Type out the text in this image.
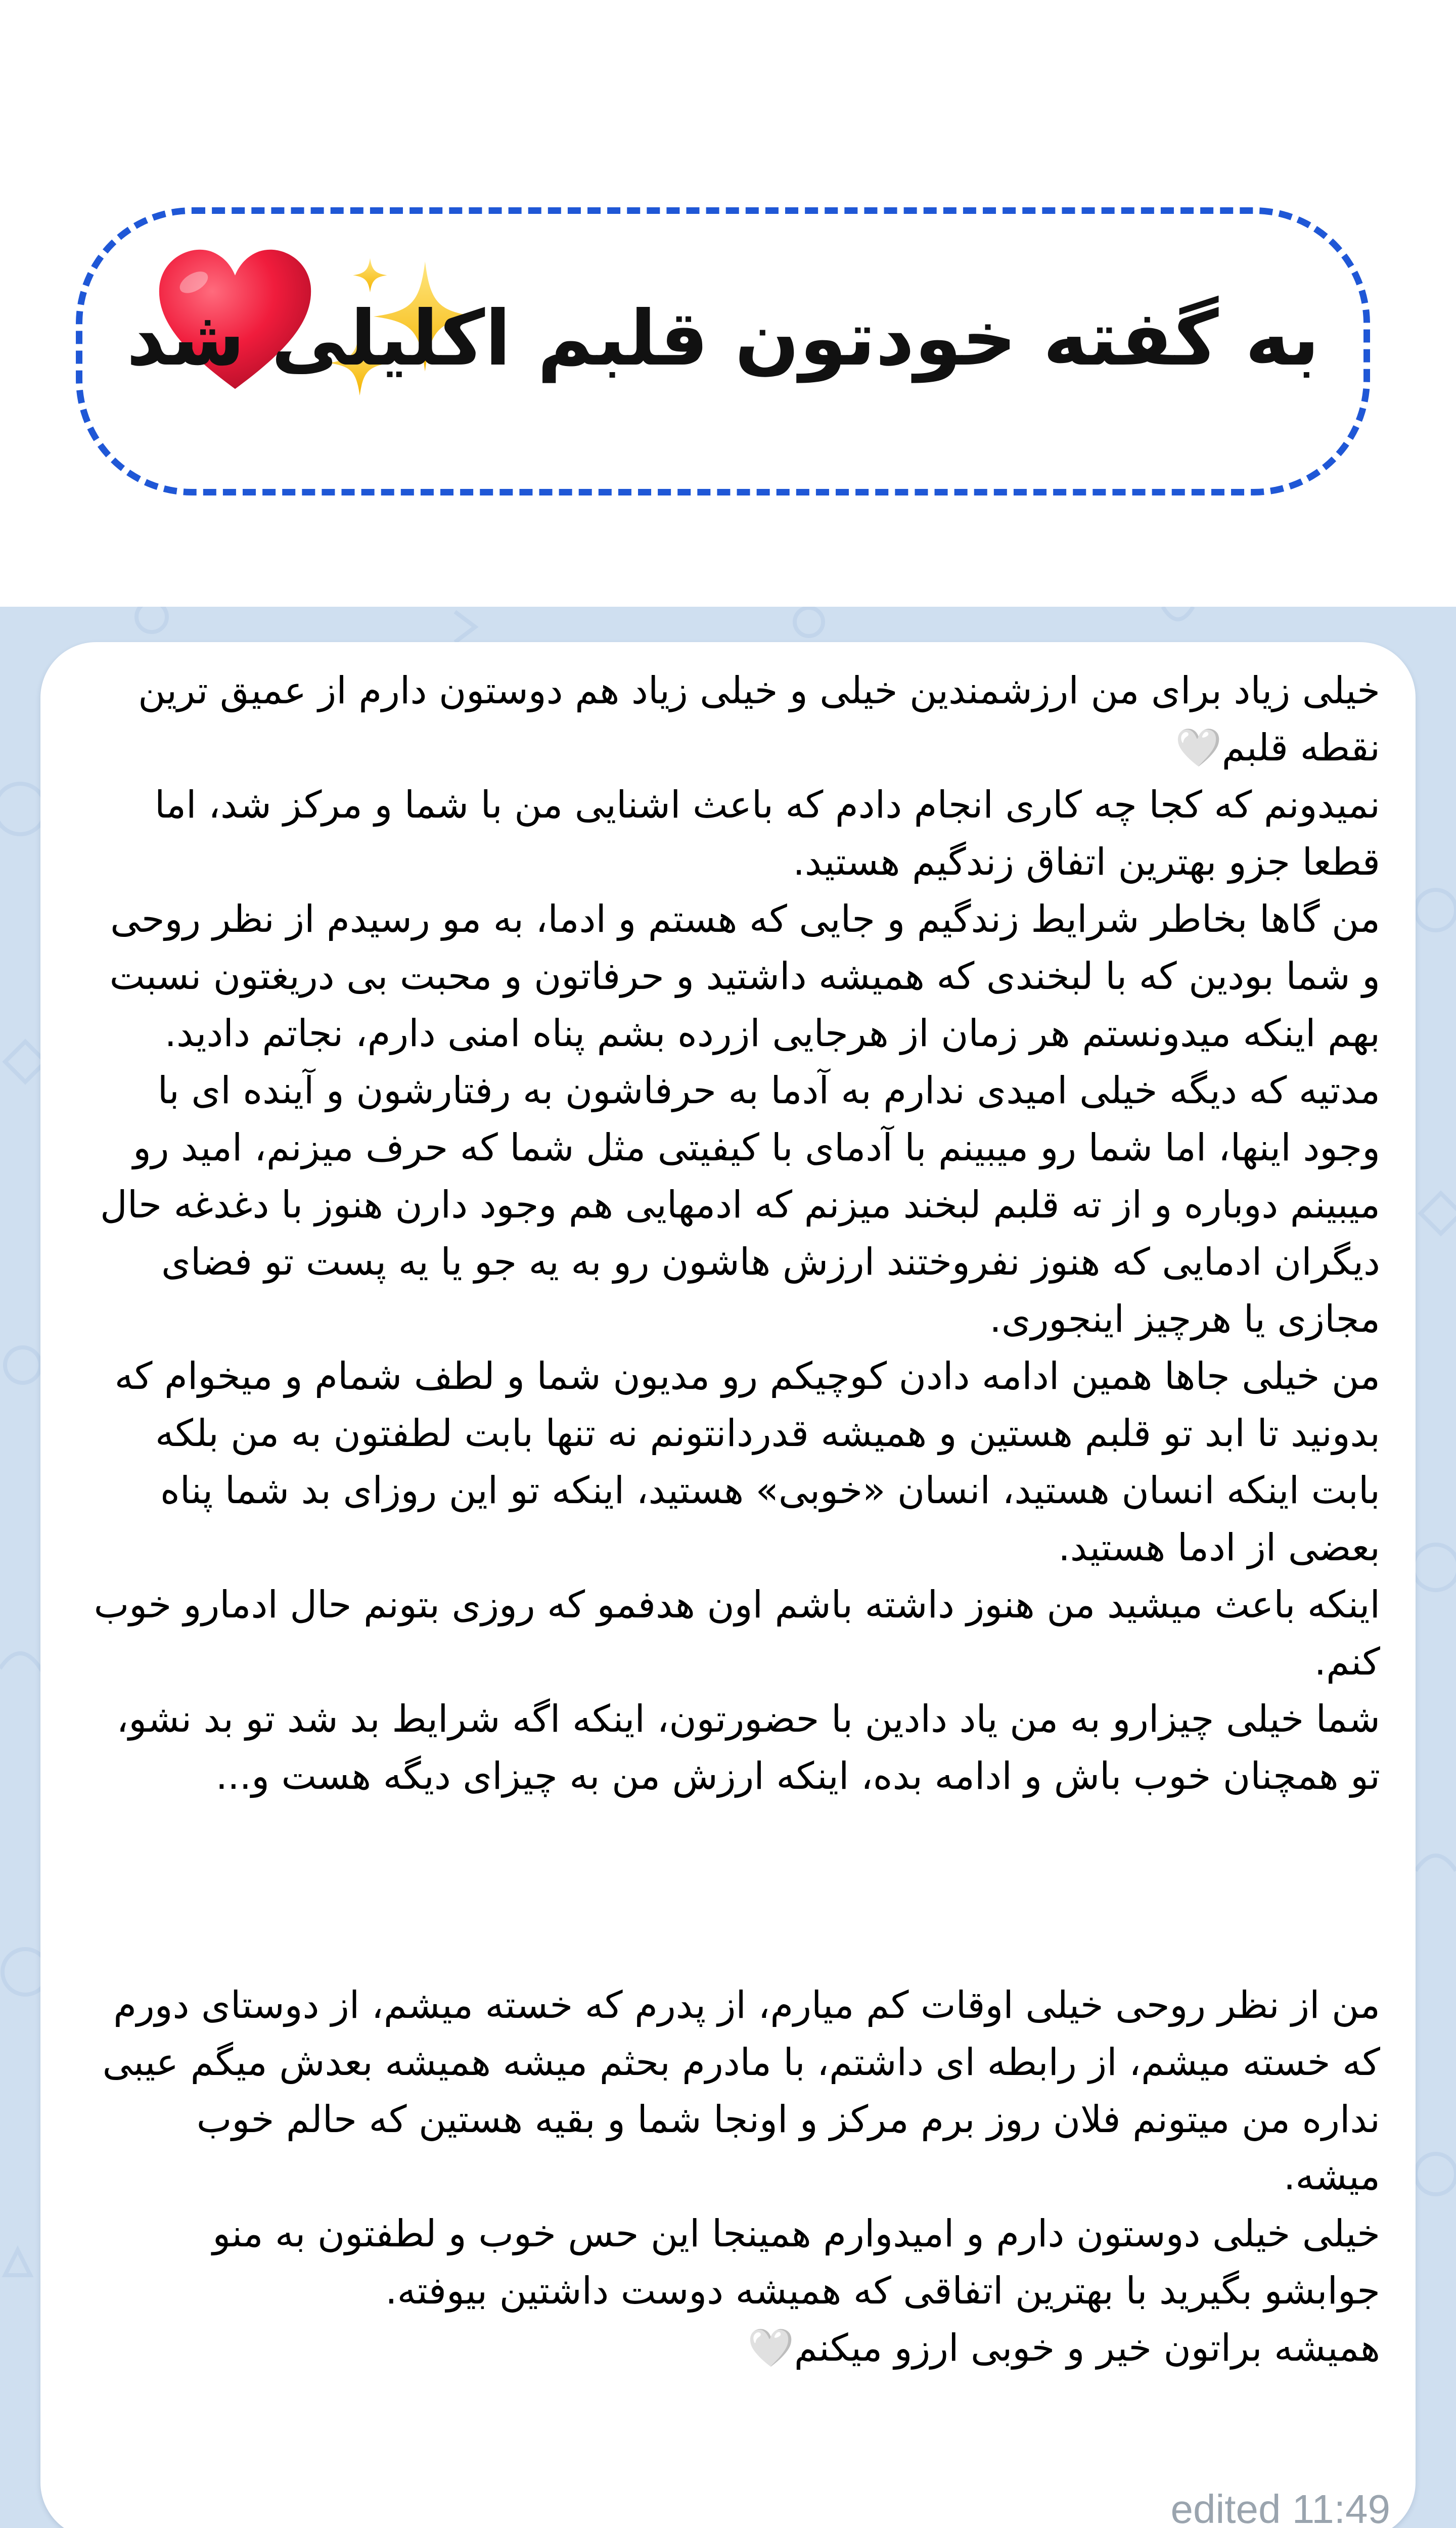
به گفته خودتون قلبم اکلیلی شد

خیلی زیاد برای من ارزشمندین خیلی و خیلی زیاد هم دوستون دارم از عمیق ترین نقطه قلبم🤍

نمیدونم که کجا چه کاری انجام دادم که باعث اشنایی من با شما و مرکز شد، اما قطعا جزو بهترین اتفاق زندگیم هستید.

من گاها بخاطر شرایط زندگیم و جایی که هستم و ادما، به مو رسیدم از نظر روحی و شما بودین که با لبخندی که همیشه داشتید و حرفاتون و محبت بی دریغتون نسبت بهم اینکه میدونستم هر زمان از هرجایی ازرده بشم پناه امنی دارم، نجاتم دادید.

مدتیه که دیگه خیلی امیدی ندارم به آدما به حرفاشون به رفتارشون و آینده ای با وجود اینها، اما شما رو میبینم با آدمای با کیفیتی مثل شما که حرف میزنم، امید رو میبینم دوباره و از ته قلبم لبخند میزنم که ادمهایی هم وجود دارن هنوز با دغدغه حال دیگران ادمایی که هنوز نفروختند ارزش هاشون رو به یه جو یا یه پست تو فضای مجازی یا هرچیز اینجوری.

من خیلی جاها همین ادامه دادن کوچیکم رو مدیون شما و لطف شمام و میخوام که بدونید تا ابد تو قلبم هستین و همیشه قدردانتونم نه تنها بابت لطفتون به من بلکه بابت اینکه انسان هستید، انسان «خوبی» هستید، اینکه تو این روزای بد شما پناه بعضی از ادما هستید.

اینکه باعث میشید من هنوز داشته باشم اون هدفمو که روزی بتونم حال ادمارو خوب کنم.

شما خیلی چیزارو به من یاد دادین با حضورتون، اینکه اگه شرایط بد شد تو بد نشو، تو همچنان خوب باش و ادامه بده، اینکه ارزش من به چیزای دیگه هست و...

من از نظر روحی خیلی اوقات کم میارم، از پدرم که خسته میشم، از دوستای دورم که خسته میشم، از رابطه ای داشتم، با مادرم بحثم میشه همیشه بعدش میگم عیبی نداره من میتونم فلان روز برم مرکز و اونجا شما و بقیه هستین که حالم خوب میشه.

خیلی خیلی دوستون دارم و امیدوارم همینجا این حس خوب و لطفتون به منو جوابشو بگیرید با بهترین اتفاقی که همیشه دوست داشتین بیوفته.

همیشه براتون خیر و خوبی ارزو میکنم🤍

edited 11:49
